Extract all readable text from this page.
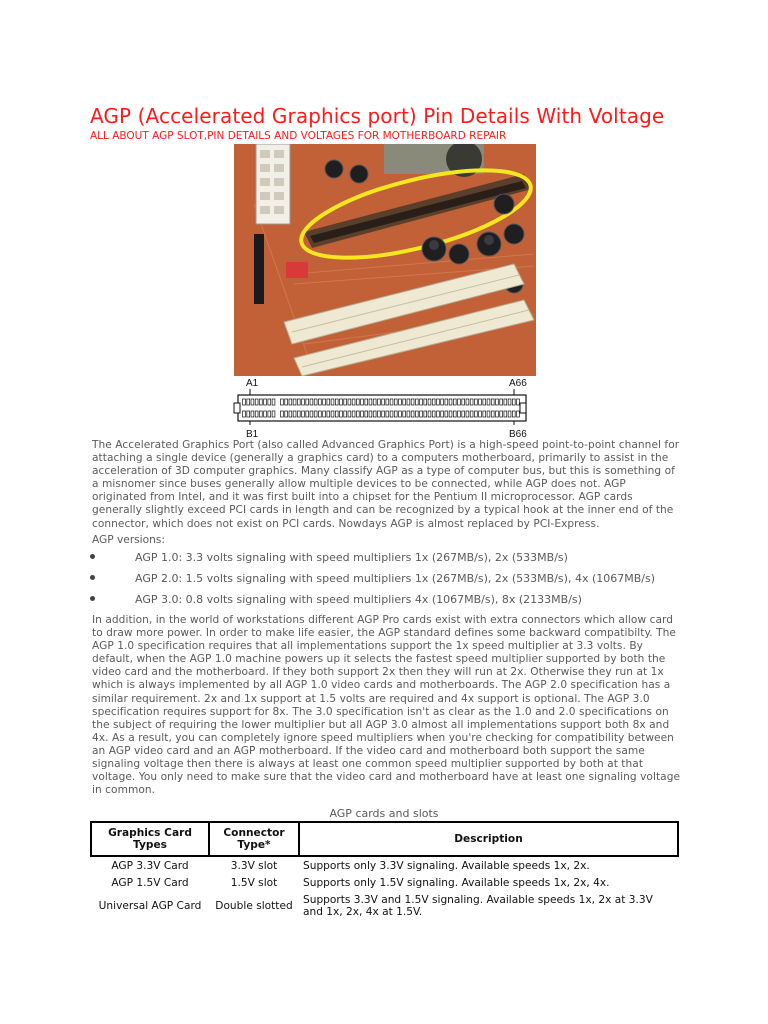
AGP (Accelerated Graphics port) Pin Details With Voltage
ALL ABOUT AGP SLOT,PIN DETAILS AND VOLTAGES FOR MOTHERBOARD REPAIR
A1	A66
B1	B66

The Accelerated Graphics Port (also called Advanced Graphics Port) is a high-speed point-to-point channel for attaching a single device (generally a graphics card) to a computers motherboard, primarily to assist in the acceleration of 3D computer graphics. Many classify AGP as a type of computer bus, but this is something of a misnomer since buses generally allow multiple devices to be connected, while AGP does not. AGP originated from Intel, and it was first built into a chipset for the Pentium II microprocessor. AGP cards generally slightly exceed PCI cards in length and can be recognized by a typical hook at the inner end of the connector, which does not exist on PCI cards. Nowdays AGP is almost replaced by PCI-Express.

AGP versions:
AGP 1.0: 3.3 volts signaling with speed multipliers 1x (267MB/s), 2x (533MB/s)
AGP 2.0: 1.5 volts signaling with speed multipliers 1x (267MB/s), 2x (533MB/s), 4x (1067MB/s)
AGP 3.0: 0.8 volts signaling with speed multipliers 4x (1067MB/s), 8x (2133MB/s)

In addition, in the world of workstations different AGP Pro cards exist with extra connectors which allow card to draw more power. In order to make life easier, the AGP standard defines some backward compatibilty. The AGP 1.0 specification requires that all implementations support the 1x speed multiplier at 3.3 volts. By default, when the AGP 1.0 machine powers up it selects the fastest speed multiplier supported by both the video card and the motherboard. If they both support 2x then they will run at 2x. Otherwise they run at 1x which is always implemented by all AGP 1.0 video cards and motherboards. The AGP 2.0 specification has a similar requirement. 2x and 1x support at 1.5 volts are required and 4x support is optional. The AGP 3.0 specification requires support for 8x. The 3.0 specification isn't as clear as the 1.0 and 2.0 specifications on the subject of requiring the lower multiplier but all AGP 3.0 almost all implementations support both 8x and 4x. As a result, you can completely ignore speed multipliers when you're checking for compatibility between an AGP video card and an AGP motherboard. If the video card and motherboard both support the same signaling voltage then there is always at least one common speed multiplier supported by both at that voltage. You only need to make sure that the video card and motherboard have at least one signaling voltage in common.

AGP cards and slots
Graphics Card Types	Connector Type*	Description
AGP 3.3V Card	3.3V slot	Supports only 3.3V signaling. Available speeds 1x, 2x.
AGP 1.5V Card	1.5V slot	Supports only 1.5V signaling. Available speeds 1x, 2x, 4x.
Universal AGP Card	Double slotted	Supports 3.3V and 1.5V signaling. Available speeds 1x, 2x at 3.3V and 1x, 2x, 4x at 1.5V.
